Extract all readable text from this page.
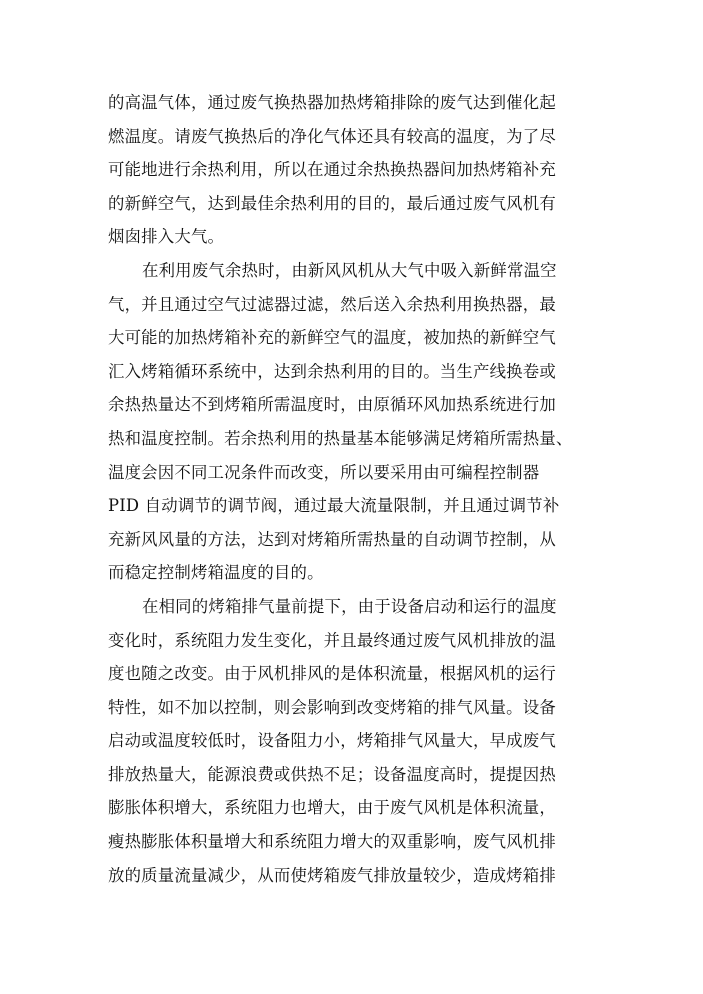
的高温气体，通过废气换热器加热烤箱排除的废气达到催化起
燃温度。请废气换热后的净化气体还具有较高的温度，为了尽
可能地进行余热利用，所以在通过余热换热器间加热烤箱补充
的新鲜空气，达到最佳余热利用的目的，最后通过废气风机有
烟囱排入大气。
在利用废气余热时，由新风风机从大气中吸入新鲜常温空
气，并且通过空气过滤器过滤，然后送入余热利用换热器，最
大可能的加热烤箱补充的新鲜空气的温度，被加热的新鲜空气
汇入烤箱循环系统中，达到余热利用的目的。当生产线换卷或
余热热量达不到烤箱所需温度时，由原循环风加热系统进行加
热和温度控制。若余热利用的热量基本能够满足烤箱所需热量、
温度会因不同工况条件而改变，所以要采用由可编程控制器
PID 自动调节的调节阀，通过最大流量限制，并且通过调节补
充新风风量的方法，达到对烤箱所需热量的自动调节控制，从
而稳定控制烤箱温度的目的。
在相同的烤箱排气量前提下，由于设备启动和运行的温度
变化时，系统阻力发生变化，并且最终通过废气风机排放的温
度也随之改变。由于风机排风的是体积流量，根据风机的运行
特性，如不加以控制，则会影响到改变烤箱的排气风量。设备
启动或温度较低时，设备阻力小，烤箱排气风量大，早成废气
排放热量大，能源浪费或供热不足；设备温度高时，提提因热
膨胀体积增大，系统阻力也增大，由于废气风机是体积流量，
瘦热膨胀体积量增大和系统阻力增大的双重影响，废气风机排
放的质量流量减少，从而使烤箱废气排放量较少，造成烤箱排
